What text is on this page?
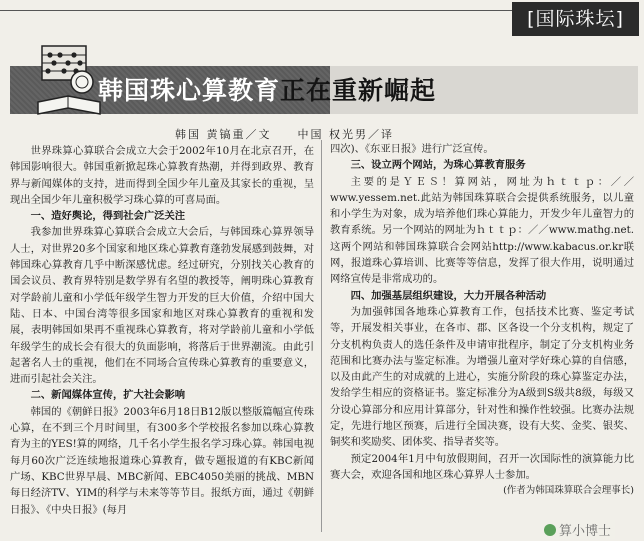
[国际珠坛]
韩国珠心算教育正在重新崛起
韩国 黄镐重／文　　中国 权光男／译

世界珠算心算联合会成立大会于2002年10月在北京召开，在韩国影响很大。韩国重新掀起珠心算教育热潮，并得到政界、教育界与新闻媒体的支持，进而得到全国少年儿童及其家长的重视，呈现出全国少年儿童积极学习珠心算的可喜局面。

一、造好舆论，得到社会广泛关注

我参加世界珠算心算联合会成立大会后，与韩国珠心算界领导人士，对世界20多个国家和地区珠心算教育蓬勃发展感到鼓舞，对韩国珠心算教育几乎中断深感忧虑。经过研究，分别找关心教育的国会议员、教育界特别是数学界有名望的教授等，阐明珠心算教育对学龄前儿童和小学低年级学生智力开发的巨大价值，介绍中国大陆、日本、中国台湾等很多国家和地区对珠心算教育的重视和发展，表明韩国如果再不重视珠心算教育，将对学龄前儿童和小学低年级学生的成长会有很大的负面影响，将落后于世界潮流。由此引起著名人士的重视，他们在不同场合宣传珠心算教育的重要意义，进而引起社会关注。

二、新闻媒体宣传，扩大社会影响

韩国的《朝鲜日报》2003年6月18日B12版以整版篇幅宣传珠心算，在不到三个月时间里，有300多个学校报名参加以珠心算教育为主的YES!算的网络，几千名小学生报名学习珠心算。韩国电视每月60次广泛连续地报道珠心算教育，做专题报道的有KBC新闻广场、KBC世界早晨、MBC新闻、EBC4050美丽的挑战、MBN每日经济TV、YIM的科学与未来等等节目。报纸方面，通过《朝鲜日报》、《中央日报》(每月

四次)、《东亚日报》进行广泛宣传。

三、设立两个网站，为珠心算教育服务

主要的是ＹＥＳ！算网站，网址为ｈｔｔｐ：／／www.yessem.net.此站为韩国珠算联合会提供系统服务，以儿童和小学生为对象，成为培养他们珠心算能力，开发少年儿童智力的教育系统。另一个网站的网址为ｈｔｔｐ：／／www.mathg.net.这两个网站和韩国珠算联合会网站http://www.kabacus.or.kr联网，报道珠心算培训、比赛等等信息，发挥了很大作用，说明通过网络宣传是非常成功的。

四、加强基层组织建设，大力开展各种活动

为加强韩国各地珠心算教育工作，包括技术比赛、鉴定考试等，开展发相关事业，在各市、郡、区各设一个分支机构，规定了分支机构负责人的选任条件及申请审批程序，制定了分支机构业务范围和比赛办法与鉴定标准。为增强儿童对学好珠心算的自信感，以及由此产生的对成就的上进心，实施分阶段的珠心算鉴定办法，发给学生相应的资格证书。鉴定标准分为A级到S级共8级，每级又分设心算部分和应用计算部分，针对性和操作性较强。比赛办法规定，先进行地区预赛，后进行全国决赛，设有大奖、金奖、银奖、铜奖和奖励奖、团体奖、指导者奖等。

预定2004年1月中旬放假期间，召开一次国际性的演算能力比赛大会，欢迎各国和地区珠心算界人士参加。

(作者为韩国珠算联合会理事长)

算小博士
